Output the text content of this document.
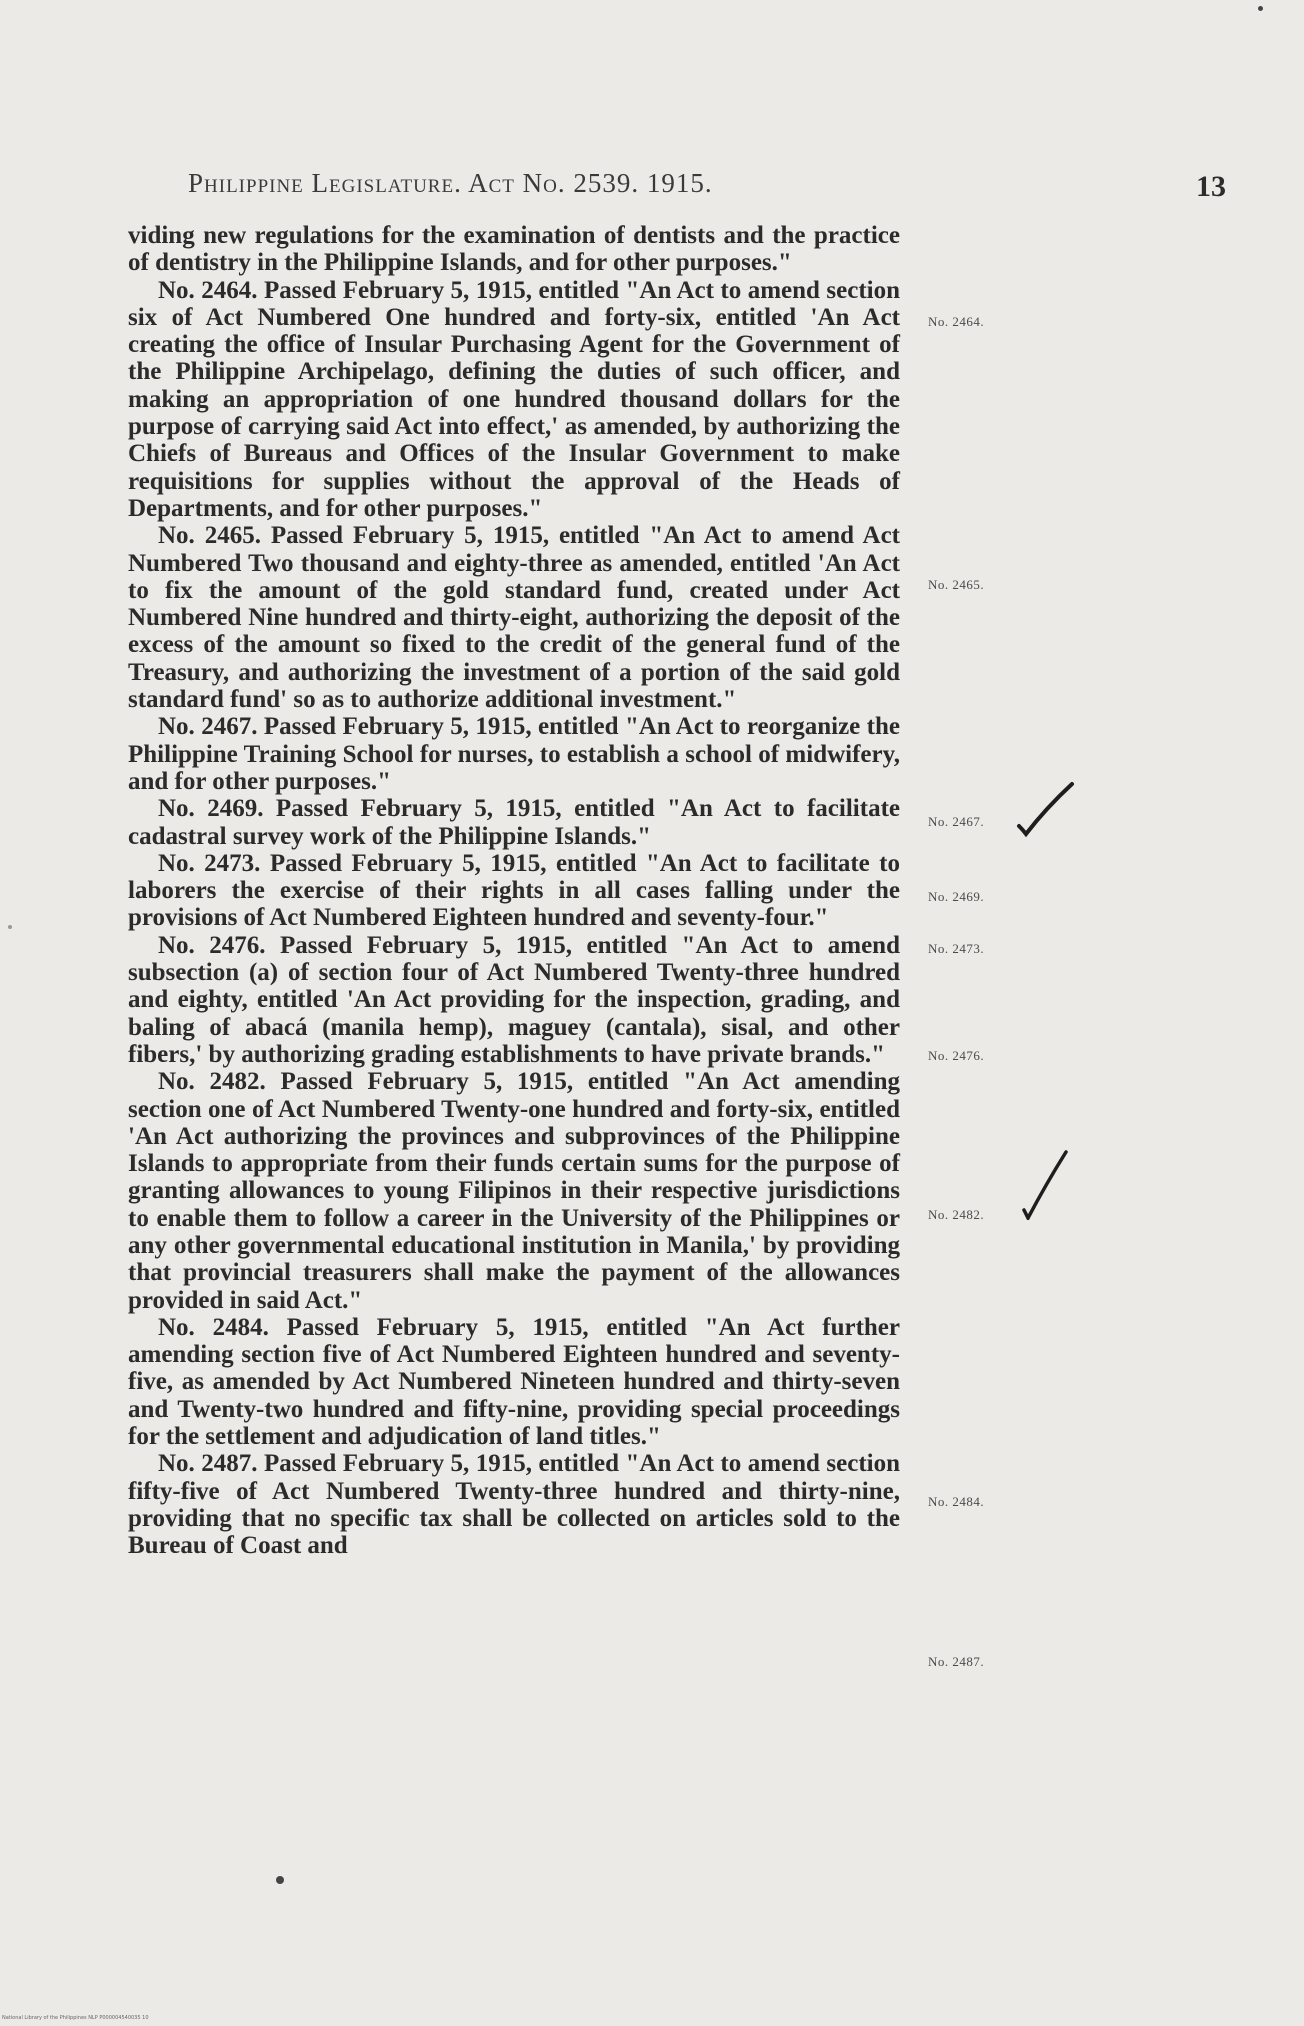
Philippine Legislature. Act No. 2539. 1915.	13

viding new regulations for the examination of dentists and the practice of dentistry in the Philippine Islands, and for other purposes."

No. 2464. Passed February 5, 1915, entitled "An Act to amend section six of Act Numbered One hundred and forty-six, entitled 'An Act creating the office of Insular Purchasing Agent for the Government of the Philippine Archipelago, defining the duties of such officer, and making an appropriation of one hundred thousand dollars for the purpose of carrying said Act into effect,' as amended, by authorizing the Chiefs of Bureaus and Offices of the Insular Government to make requisitions for supplies without the approval of the Heads of Departments, and for other purposes."

No. 2465. Passed February 5, 1915, entitled "An Act to amend Act Numbered Two thousand and eighty-three as amended, entitled 'An Act to fix the amount of the gold standard fund, created under Act Numbered Nine hundred and thirty-eight, authorizing the deposit of the excess of the amount so fixed to the credit of the general fund of the Treasury, and authorizing the investment of a portion of the said gold standard fund' so as to authorize additional investment."

No. 2467. Passed February 5, 1915, entitled "An Act to reorganize the Philippine Training School for nurses, to establish a school of midwifery, and for other purposes."

No. 2469. Passed February 5, 1915, entitled "An Act to facilitate cadastral survey work of the Philippine Islands."

No. 2473. Passed February 5, 1915, entitled "An Act to facilitate to laborers the exercise of their rights in all cases falling under the provisions of Act Numbered Eighteen hundred and seventy-four."

No. 2476. Passed February 5, 1915, entitled "An Act to amend subsection (a) of section four of Act Numbered Twenty-three hundred and eighty, entitled 'An Act providing for the inspection, grading, and baling of abacá (manila hemp), maguey (cantala), sisal, and other fibers,' by authorizing grading establishments to have private brands."

No. 2482. Passed February 5, 1915, entitled "An Act amending section one of Act Numbered Twenty-one hundred and forty-six, entitled 'An Act authorizing the provinces and subprovinces of the Philippine Islands to appropriate from their funds certain sums for the purpose of granting allowances to young Filipinos in their respective jurisdictions to enable them to follow a career in the University of the Philippines or any other governmental educational institution in Manila,' by providing that provincial treasurers shall make the payment of the allowances provided in said Act."

No. 2484. Passed February 5, 1915, entitled "An Act further amending section five of Act Numbered Eighteen hundred and seventy-five, as amended by Act Numbered Nineteen hundred and thirty-seven and Twenty-two hundred and fifty-nine, providing special proceedings for the settlement and adjudication of land titles."

No. 2487. Passed February 5, 1915, entitled "An Act to amend section fifty-five of Act Numbered Twenty-three hundred and thirty-nine, providing that no specific tax shall be collected on articles sold to the Bureau of Coast and

No. 2464.
No. 2465.
No. 2467.
No. 2469.
No. 2473.
No. 2476.
No. 2482.
No. 2484.
No. 2487.
National Library of the Philippines NLP P000004540035 10
